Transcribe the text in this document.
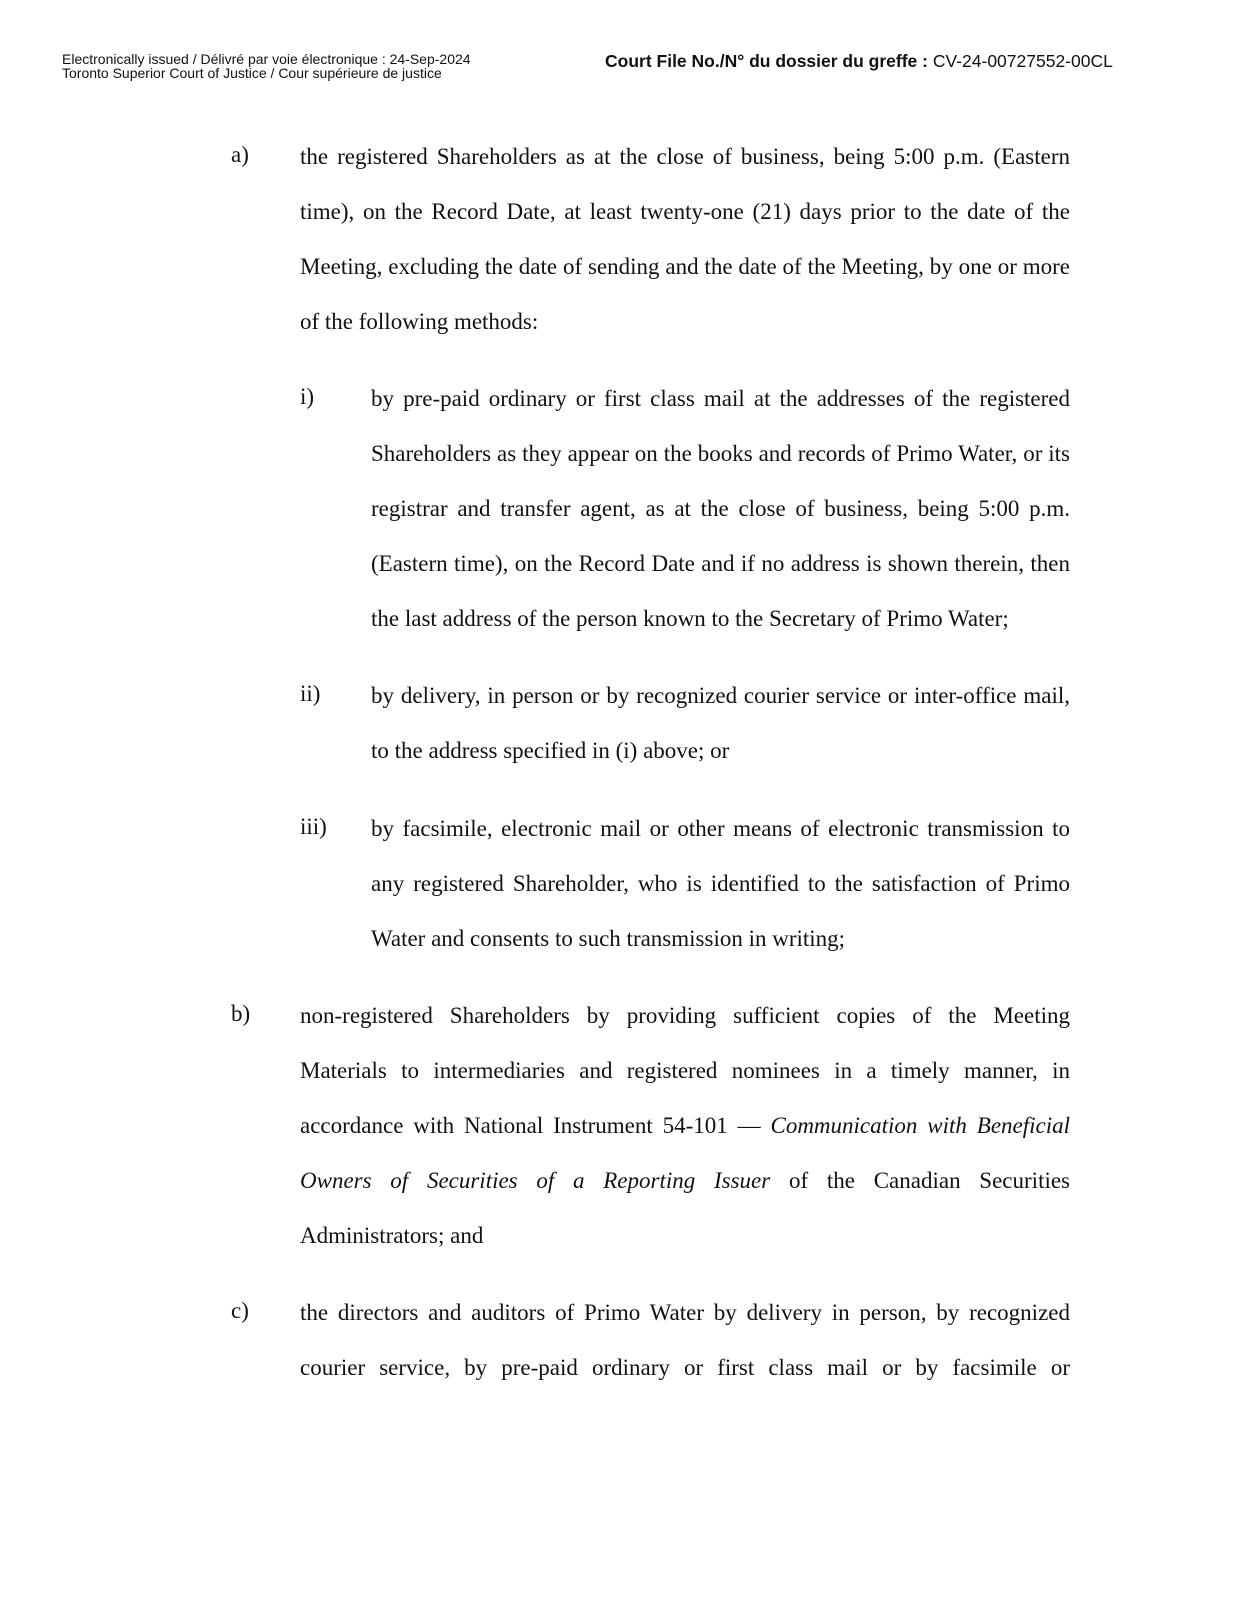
Electronically issued / Délivré par voie électronique : 24-Sep-2024
Toronto Superior Court of Justice / Cour supérieure de justice
Court File No./N° du dossier du greffe : CV-24-00727552-00CL
a) the registered Shareholders as at the close of business, being 5:00 p.m. (Eastern time), on the Record Date, at least twenty-one (21) days prior to the date of the Meeting, excluding the date of sending and the date of the Meeting, by one or more of the following methods:
i) by pre-paid ordinary or first class mail at the addresses of the registered Shareholders as they appear on the books and records of Primo Water, or its registrar and transfer agent, as at the close of business, being 5:00 p.m. (Eastern time), on the Record Date and if no address is shown therein, then the last address of the person known to the Secretary of Primo Water;
ii) by delivery, in person or by recognized courier service or inter-office mail, to the address specified in (i) above; or
iii) by facsimile, electronic mail or other means of electronic transmission to any registered Shareholder, who is identified to the satisfaction of Primo Water and consents to such transmission in writing;
b) non-registered Shareholders by providing sufficient copies of the Meeting Materials to intermediaries and registered nominees in a timely manner, in accordance with National Instrument 54-101 — Communication with Beneficial Owners of Securities of a Reporting Issuer of the Canadian Securities Administrators; and
c) the directors and auditors of Primo Water by delivery in person, by recognized courier service, by pre-paid ordinary or first class mail or by facsimile or
